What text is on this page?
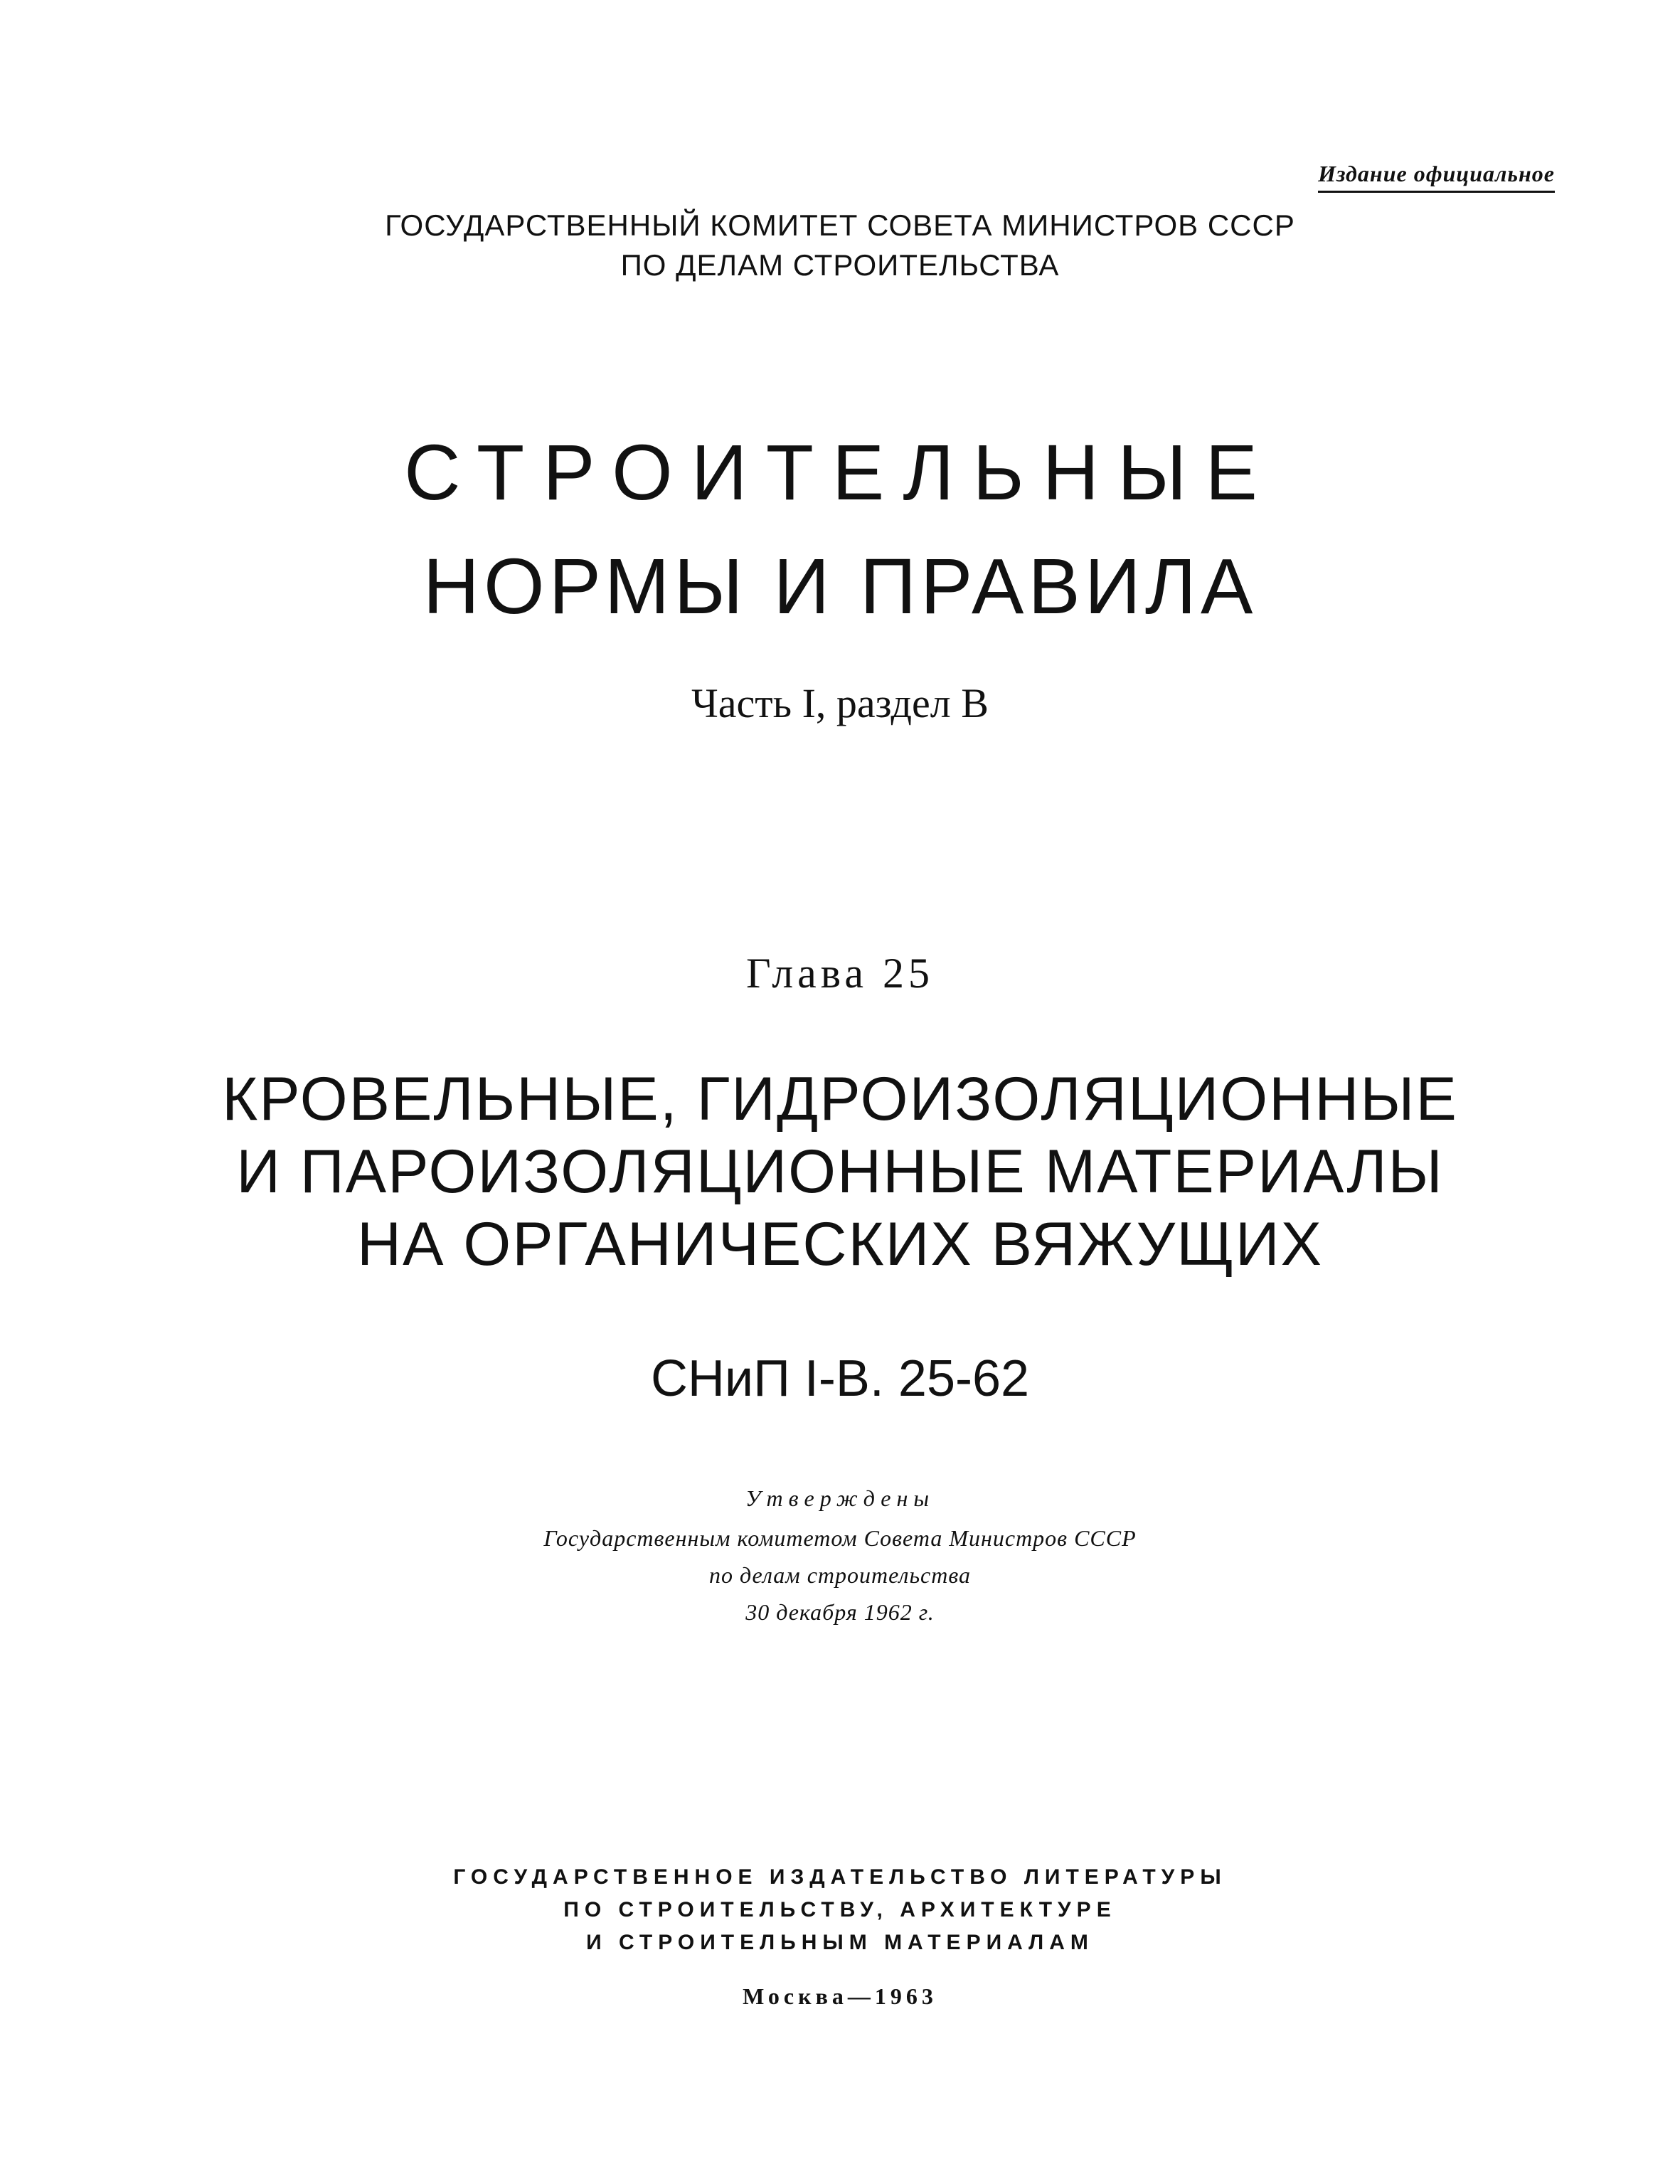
Издание официальное
ГОСУДАРСТВЕННЫЙ КОМИТЕТ СОВЕТА МИНИСТРОВ СССР
ПО ДЕЛАМ СТРОИТЕЛЬСТВА
СТРОИТЕЛЬНЫЕ
НОРМЫ И ПРАВИЛА
Часть I, раздел В
Глава 25
КРОВЕЛЬНЫЕ, ГИДРОИЗОЛЯЦИОННЫЕ
И ПАРОИЗОЛЯЦИОННЫЕ МАТЕРИАЛЫ
НА ОРГАНИЧЕСКИХ ВЯЖУЩИХ
СНиП I-В. 25-62
Утверждены
Государственным комитетом Совета Министров СССР
по делам строительства
30 декабря 1962 г.
ГОСУДАРСТВЕННОЕ ИЗДАТЕЛЬСТВО ЛИТЕРАТУРЫ
ПО СТРОИТЕЛЬСТВУ, АРХИТЕКТУРЕ
И СТРОИТЕЛЬНЫМ МАТЕРИАЛАМ
Москва—1963
